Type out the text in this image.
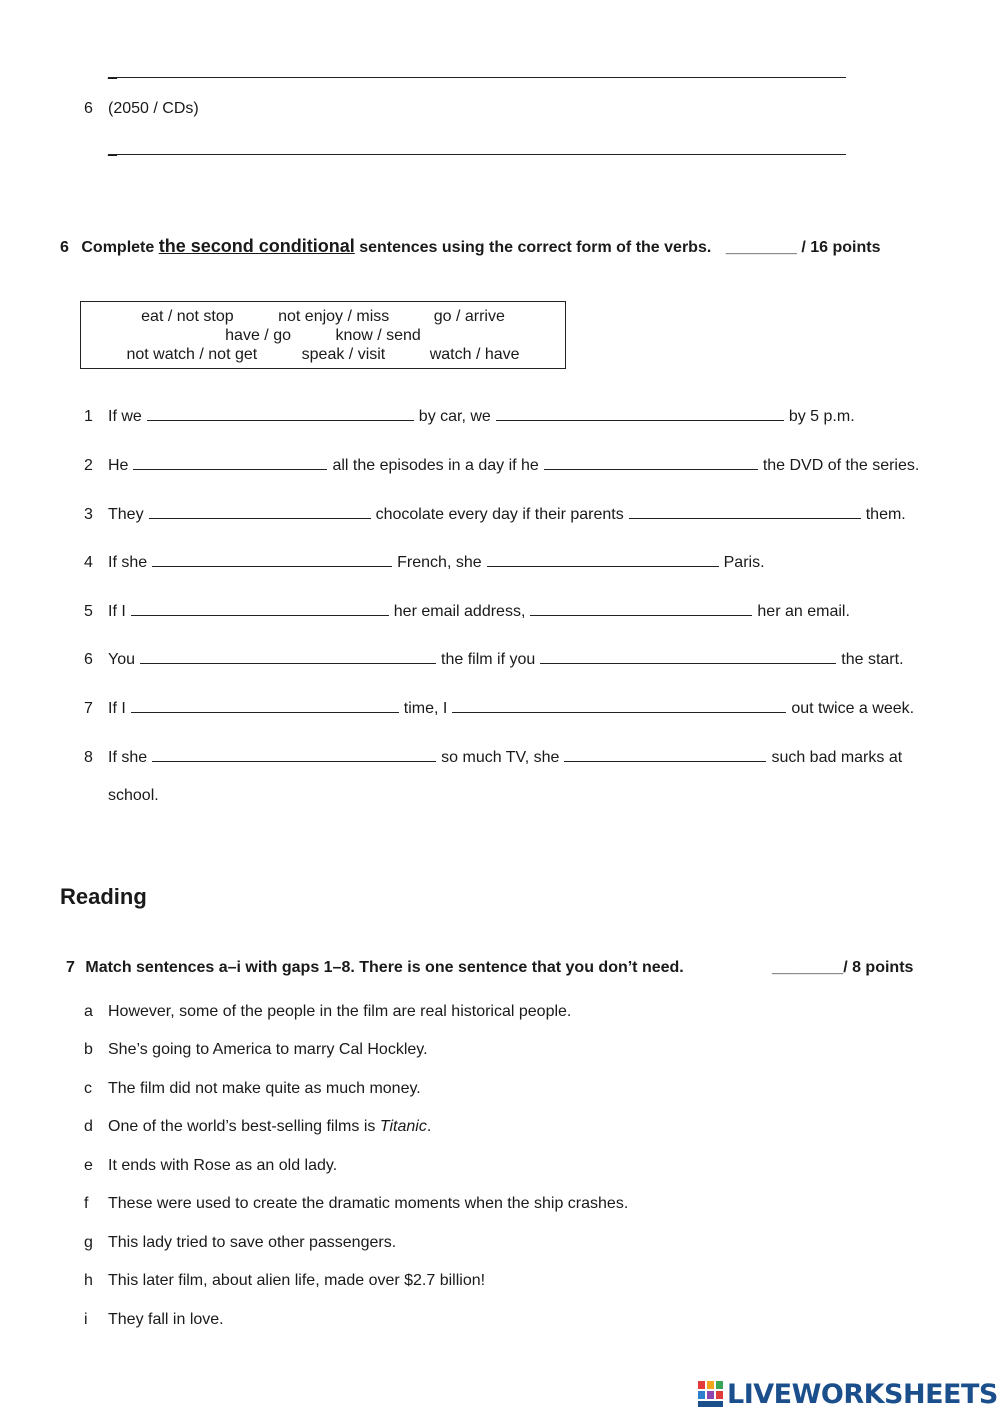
_
6 (2050 / CDs)
_
6 Complete the second conditional sentences using the correct form of the verbs. ________ / 16 points
eat / not stop	not enjoy / miss	go / arrive
have / go	know / send
not watch / not get	speak / visit	watch / have
1 If we	by car, we	by 5 p.m.
2 He	all the episodes in a day if he	the DVD of the series.
3 They	chocolate every day if their parents	them.
4 If she	French, she	Paris.
5 If I	her email address,	her an email.
6 You	the film if you	the start.
7 If I	time, I	out twice a week.
8 If she	so much TV, she	such bad marks at
school.
Reading
7 Match sentences a–i with gaps 1–8. There is one sentence that you don’t need.	________/ 8 points
a However, some of the people in the film are real historical people.
b She’s going to America to marry Cal Hockley.
c The film did not make quite as much money.
d One of the world’s best-selling films is Titanic.
e It ends with Rose as an old lady.
f These were used to create the dramatic moments when the ship crashes.
g This lady tried to save other passengers.
h This later film, about alien life, made over $2.7 billion!
i They fall in love.
LIVEWORKSHEETS
